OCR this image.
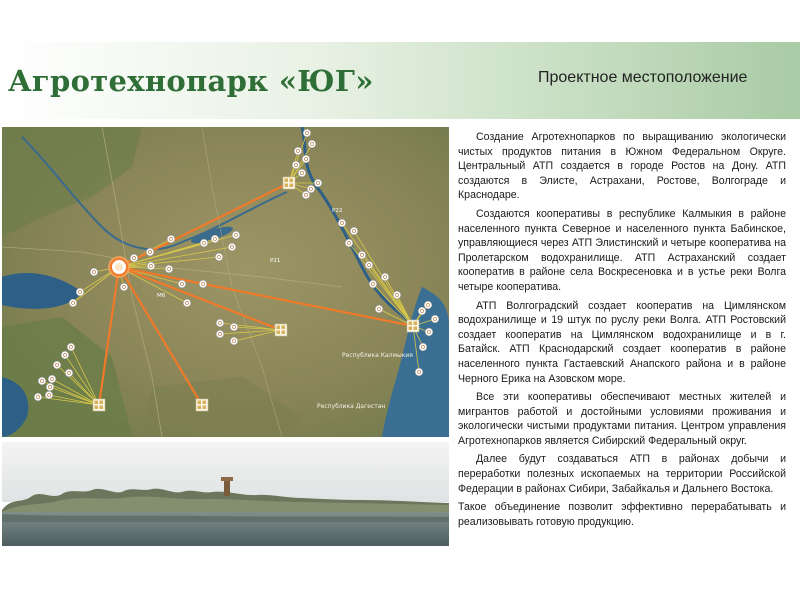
Агротехнопарк «ЮГ»	Проектное местоположение
Республика Калмыкия
Республика Дагестан
P22
M6
P21

Создание Агротехнопарков по выращиванию экологически чистых продуктов питания в Южном Федеральном Округе. Центральный АТП создается в городе Ростов на Дону. АТП создаются в Элисте, Астрахани, Ростове, Волгограде и Краснодаре.

Создаются кооперативы в республике Калмыкия в районе населенного пункта Северное и населенного пункта Бабинское, управляющиеся через АТП Элистинский и четыре кооператива на Пролетарском водохранилище. АТП Астраханский создает кооператив в районе села Воскресеновка и в устье реки Волга четыре кооператива.

АТП Волгоградский создает кооператив на Цимлянском водохранилище и 19 штук по руслу реки Волга. АТП Ростовский создает кооператив на Цимлянском водохранилище и в г. Батайск. АТП Краснодарский создает кооператив в районе населенного пункта Гастаевский Анапского района и в районе Черного Ерика на Азовском море.

Все эти кооперативы обеспечивают местных жителей и мигрантов работой и достойными условиями проживания и экологически чистыми продуктами питания. Центром управления Агротехнопарков является Сибирский Федеральный округ.

Далее будут создаваться АТП в районах добычи и переработки полезных ископаемых на территории Российской Федерации в районах Сибири, Забайкалья и Дальнего Востока.

Такое объединение позволит эффективно перерабатывать и реализовывать готовую продукцию.
